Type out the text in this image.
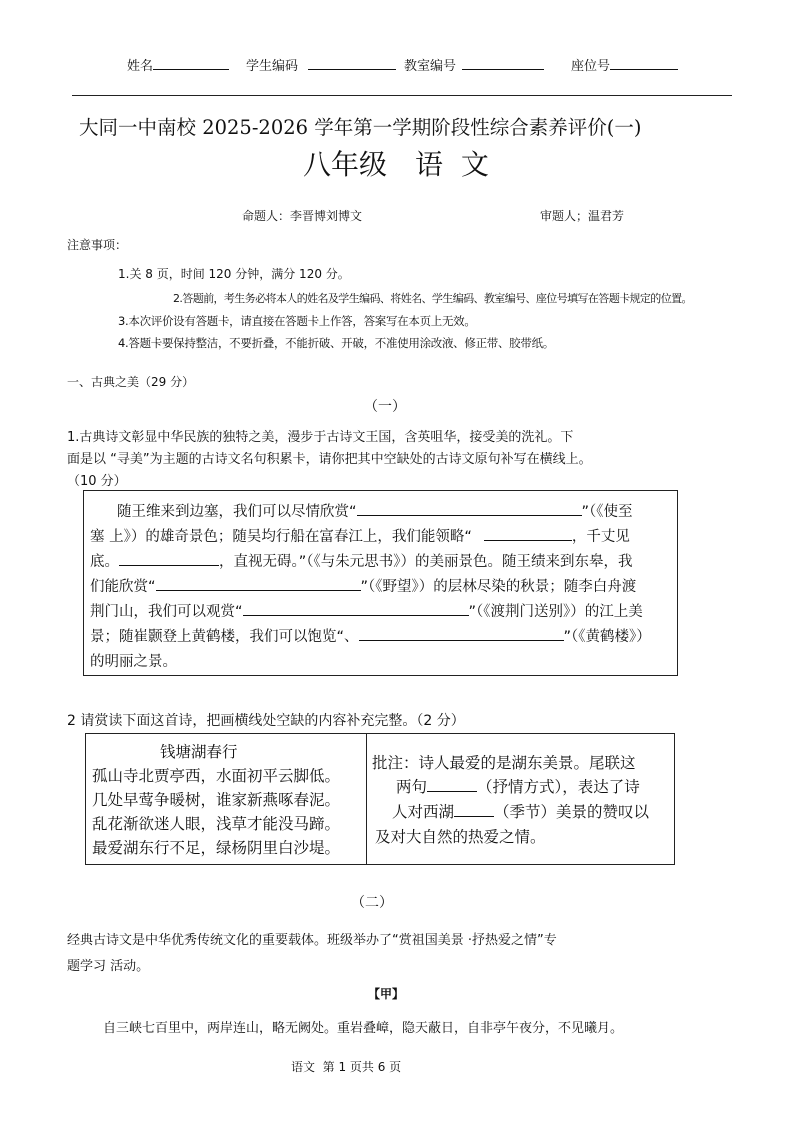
姓名	学生编码	教室编号	座位号
大同一中南校 2025-2026 学年第一学期阶段性综合素养评价(一)
八年级 语  文
命题人：李晋博刘博文	审题人；温君芳
注意事项：
1.关 8 页，时间 120 分钟，满分 120 分。
2.答题前，考生务必将本人的姓名及学生编码、将姓名、学生编码、教室编号、座位号填写在答题卡规定的位置。
3.本次评价设有答题卡，请直接在答题卡上作答，答案写在本页上无效。
4.答题卡要保持整洁，不要折叠，不能折破、开破，不准使用涂改液、修正带、胶带纸。
一、古典之美（29 分）
（一）
1.古典诗文彰显中华民族的独特之美，漫步于古诗文王国，含英咀华，接受美的洗礼。下
面是以 “寻美”为主题的古诗文名句积累卡，请你把其中空缺处的古诗文原句补写在横线上。
（10 分）
随王维来到边塞，我们可以尽情欣赏“	”（《使至
塞 上》）的雄奇景色；随吴均行船在富春江上，我们能领略“	，千丈见
底。	，直视无碍。”（《与朱元思书》）的美丽景色。随王绩来到东皋，我
们能欣赏“	”（《野望》）的层林尽染的秋景；随李白舟渡
荆门山，我们可以观赏“	”（《渡荆门送别》）的江上美
景；随崔颢登上黄鹤楼，我们可以饱览“、	”（《黄鹤楼》）
的明丽之景。
2 请赏读下面这首诗，把画横线处空缺的内容补充完整。（2 分）
钱塘湖春行
孤山寺北贾亭西，水面初平云脚低。
几处早莺争暖树，谁家新燕啄春泥。
乱花渐欲迷人眼，浅草才能没马蹄。
最爱湖东行不足，绿杨阴里白沙堤。
批注：诗人最爱的是湖东美景。尾联这
两句	（抒情方式），表达了诗
人对西湖	（季节）美景的赞叹以
及对大自然的热爱之情。
（二）
经典古诗文是中华优秀传统文化的重要载体。班级举办了“赏祖国美景 ·抒热爱之情”专
题学习 活动。
【甲】
自三峡七百里中，两岸连山，略无阙处。重岩叠嶂，隐天蔽日，自非亭午夜分，不见曦月。
语文  第 1 页共 6 页
